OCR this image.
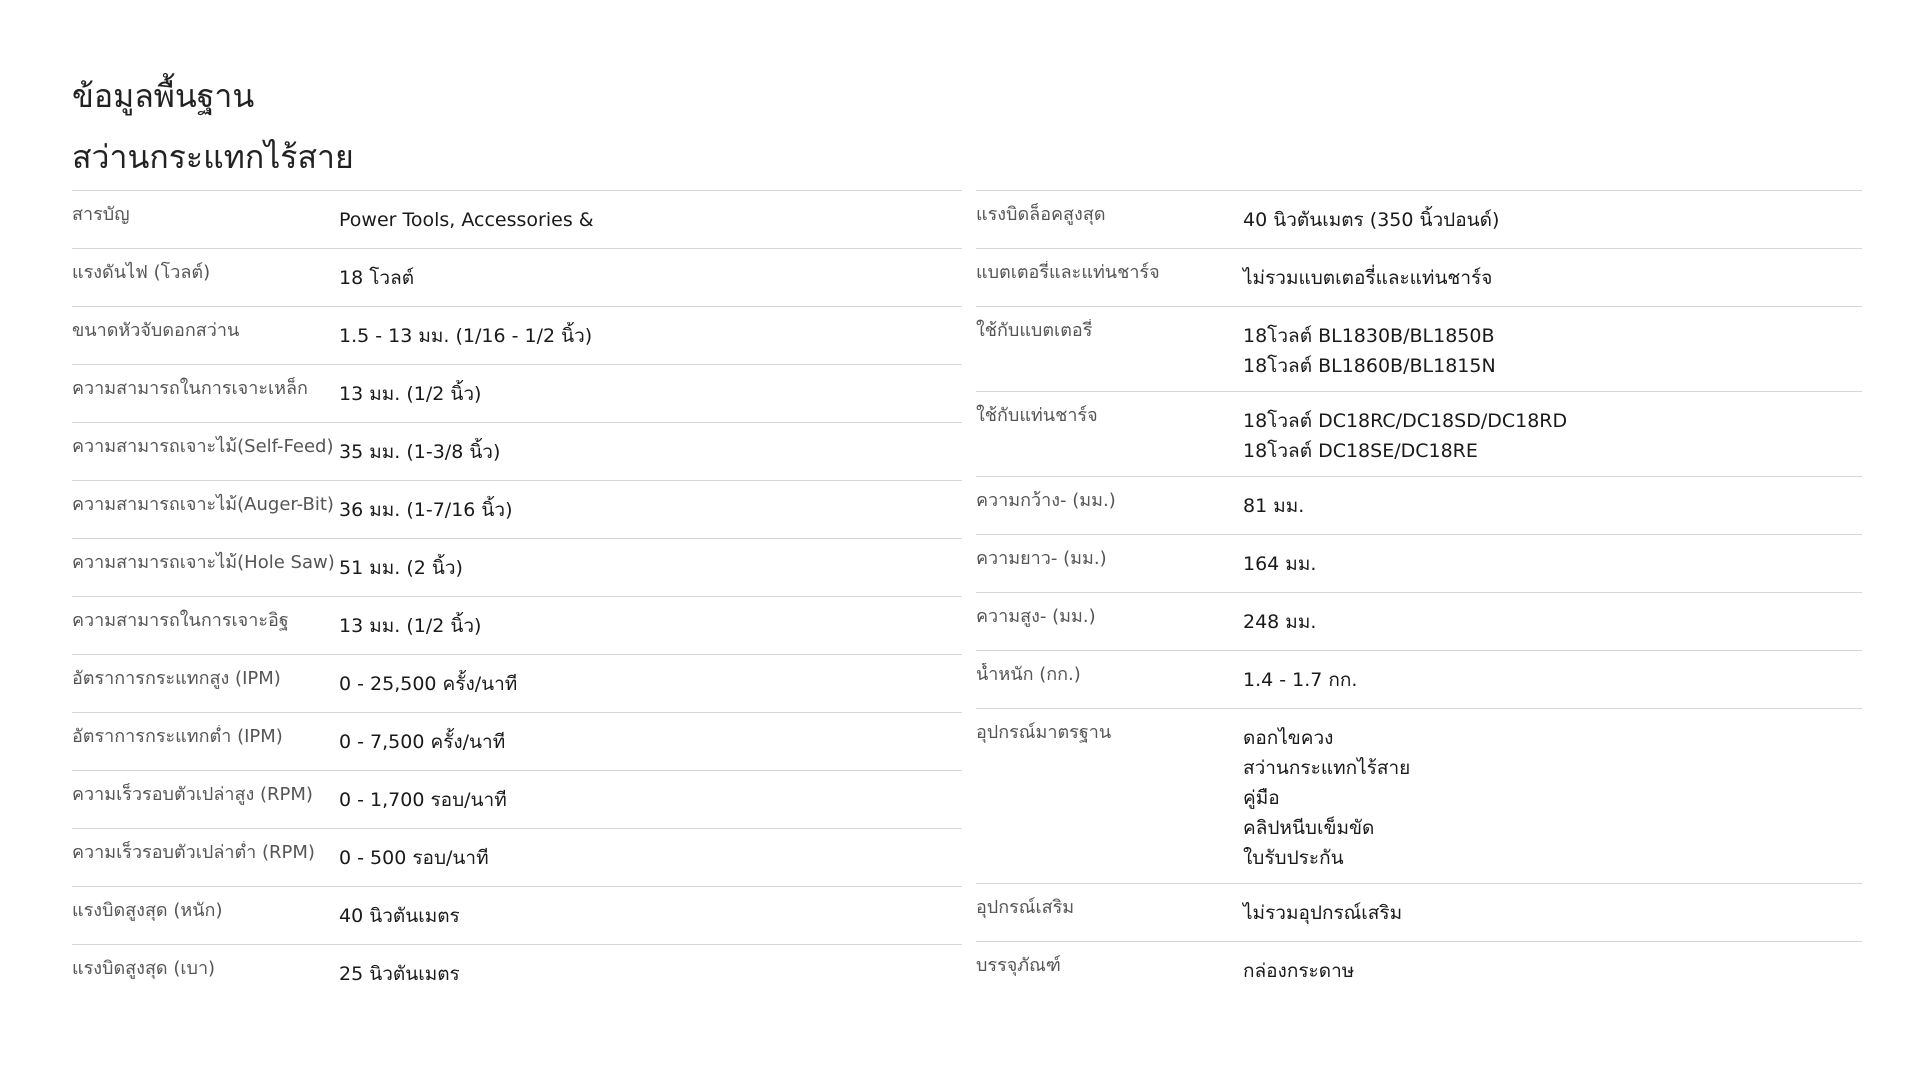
ข้อมูลพื้นฐาน
สว่านกระแทกไร้สาย
สารบัญ	Power Tools, Accessories &
แรงดันไฟ (โวลต์)	18 โวลต์
ขนาดหัวจับดอกสว่าน	1.5 - 13 มม. (1/16 - 1/2 นิ้ว)
ความสามารถในการเจาะเหล็ก	13 มม. (1/2 นิ้ว)
ความสามารถเจาะไม้(Self-Feed) 35 มม. (1-3/8 นิ้ว)
ความสามารถเจาะไม้(Auger-Bit) 36 มม. (1-7/16 นิ้ว)
ความสามารถเจาะไม้(Hole Saw) 51 มม. (2 นิ้ว)
ความสามารถในการเจาะอิฐ	13 มม. (1/2 นิ้ว)
อัตราการกระแทกสูง (IPM)	0 - 25,500 ครั้ง/นาที
อัตราการกระแทกต่ำ (IPM)	0 - 7,500 ครั้ง/นาที
ความเร็วรอบตัวเปล่าสูง (RPM)	0 - 1,700 รอบ/นาที
ความเร็วรอบตัวเปล่าต่ำ (RPM)	0 - 500 รอบ/นาที
แรงบิดสูงสุด (หนัก)	40 นิวตันเมตร
แรงบิดสูงสุด (เบา)	25 นิวตันเมตร
แรงบิดล็อคสูงสุด	40 นิวตันเมตร (350 นิ้วปอนด์)
แบตเตอรี่และแท่นชาร์จ	ไม่รวมแบตเตอรี่และแท่นชาร์จ
ใช้กับแบตเตอรี่	18โวลต์ BL1830B/BL1850B
18โวลต์ BL1860B/BL1815N
ใช้กับแท่นชาร์จ	18โวลต์ DC18RC/DC18SD/DC18RD
18โวลต์ DC18SE/DC18RE
ความกว้าง- (มม.)	81 มม.
ความยาว- (มม.)	164 มม.
ความสูง- (มม.)	248 มม.
น้ำหนัก (กก.)	1.4 - 1.7 กก.
อุปกรณ์มาตรฐาน	ดอกไขควง
สว่านกระแทกไร้สาย
คู่มือ
คลิปหนีบเข็มขัด
ใบรับประกัน
อุปกรณ์เสริม	ไม่รวมอุปกรณ์เสริม
บรรจุภัณฑ์	กล่องกระดาษ
